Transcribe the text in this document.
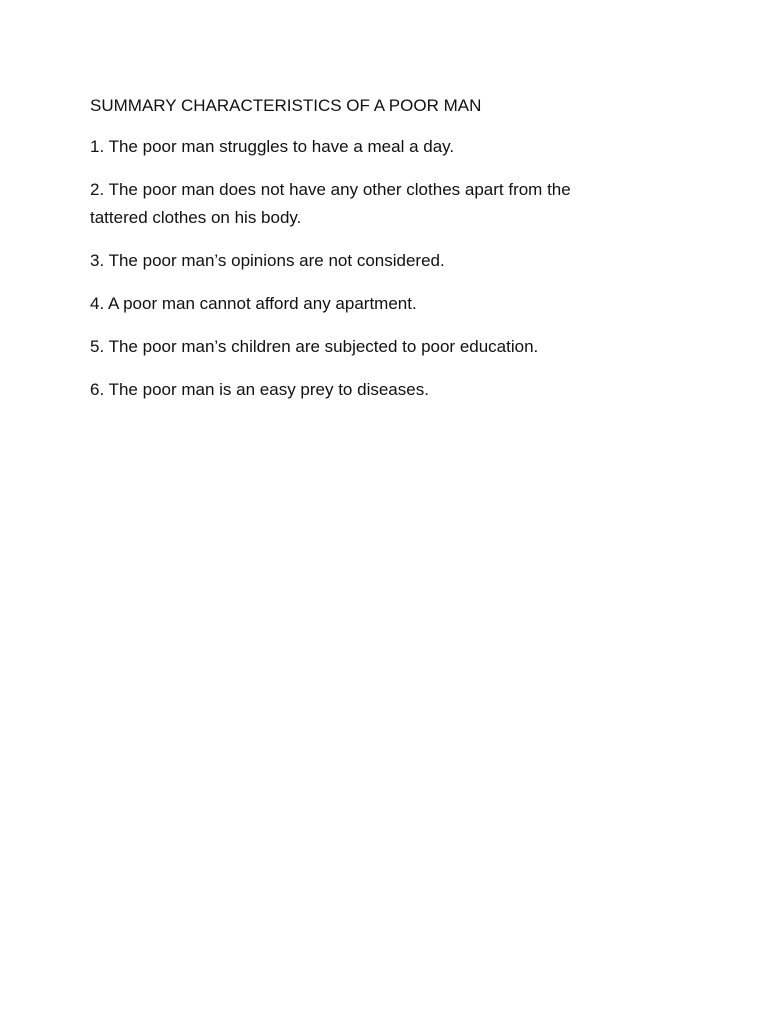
SUMMARY CHARACTERISTICS OF A POOR MAN

1. The poor man struggles to have a meal a day.

2. The poor man does not have any other clothes apart from the tattered clothes on his body.

3. The poor man’s opinions are not considered.

4. A poor man cannot afford any apartment.

5. The poor man’s children are subjected to poor education.

6. The poor man is an easy prey to diseases.
